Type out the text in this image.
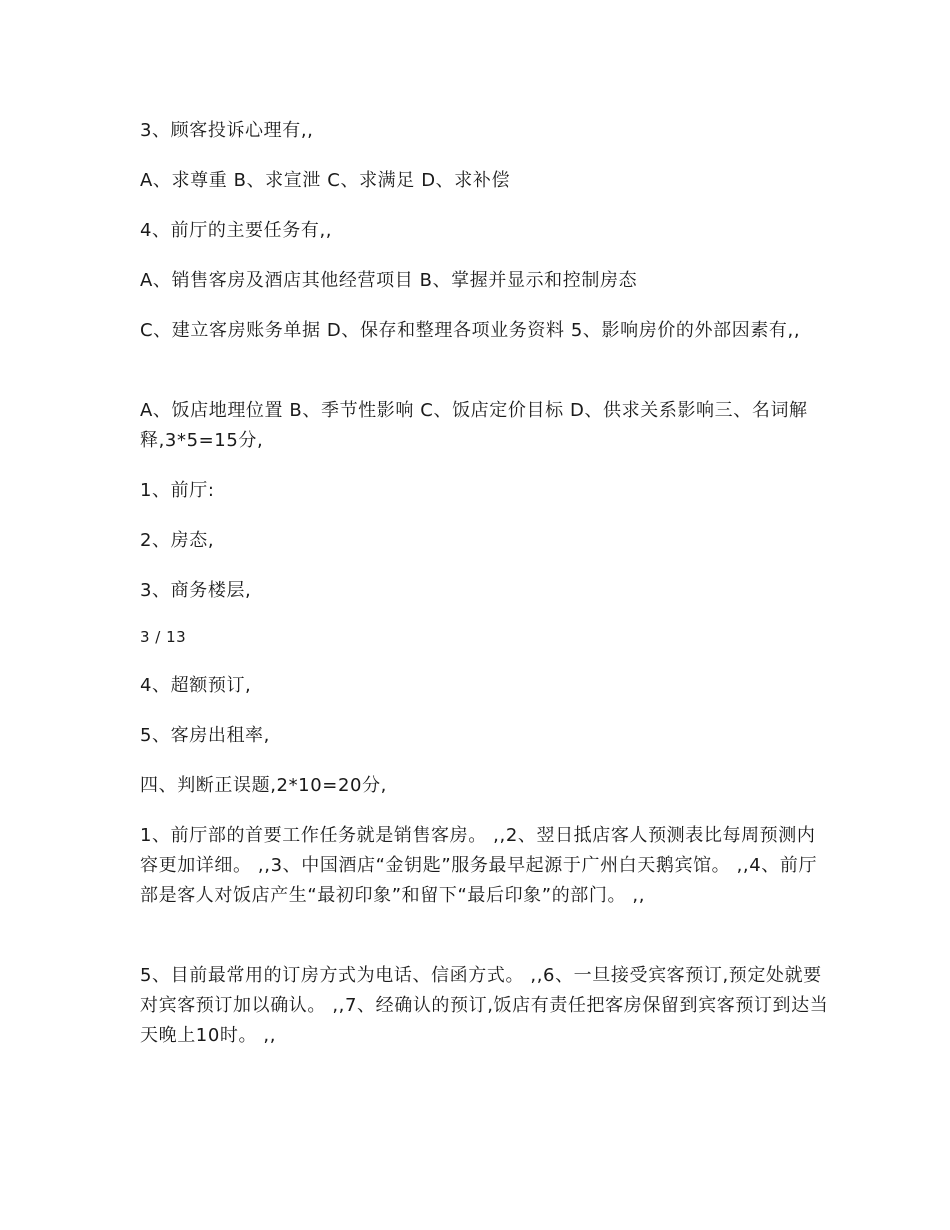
3、顾客投诉心理有,,

A、求尊重 B、求宣泄 C、求满足 D、求补偿

4、前厅的主要任务有,,

A、销售客房及酒店其他经营项目 B、掌握并显示和控制房态

C、建立客房账务单据 D、保存和整理各项业务资料 5、影响房价的外部因素有,,

A、饭店地理位置 B、季节性影响 C、饭店定价目标 D、供求关系影响三、名词解释,3*5=15分,

1、前厅:

2、房态,

3、商务楼层,

3 / 13

4、超额预订,

5、客房出租率,

四、判断正误题,2*10=20分,

1、前厅部的首要工作任务就是销售客房。 ,,2、翌日抵店客人预测表比每周预测内容更加详细。 ,,3、中国酒店“金钥匙”服务最早起源于广州白天鹅宾馆。 ,,4、前厅部是客人对饭店产生“最初印象”和留下“最后印象”的部门。 ,,

5、目前最常用的订房方式为电话、信函方式。 ,,6、一旦接受宾客预订,预定处就要对宾客预订加以确认。 ,,7、经确认的预订,饭店有责任把客房保留到宾客预订到达当天晚上10时。 ,,
